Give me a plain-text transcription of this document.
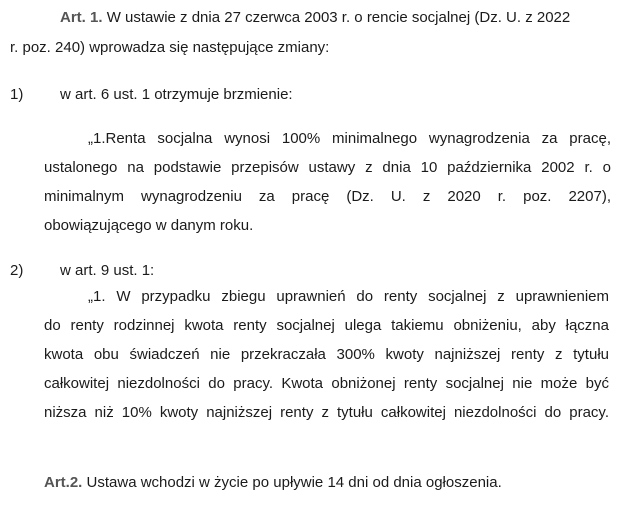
Art. 1. W ustawie z dnia 27 czerwca 2003 r. o rencie socjalnej (Dz. U. z 2022
r. poz. 240) wprowadza się następujące zmiany:
1) w art. 6 ust. 1 otrzymuje brzmienie:
„1.Renta socjalna wynosi 100% minimalnego wynagrodzenia za pracę,
ustalonego na podstawie przepisów ustawy z dnia 10 października 2002 r. o
minimalnym wynagrodzeniu za pracę (Dz. U. z 2020 r. poz. 2207),
obowiązującego w danym roku.
2) w art. 9 ust. 1:
„1. W przypadku zbiegu uprawnień do renty socjalnej z uprawnieniem
do renty rodzinnej kwota renty socjalnej ulega takiemu obniżeniu, aby łączna
kwota obu świadczeń nie przekraczała 300% kwoty najniższej renty z tytułu
całkowitej niezdolności do pracy. Kwota obniżonej renty socjalnej nie może być
niższa niż 10% kwoty najniższej renty z tytułu całkowitej niezdolności do pracy.
Art.2. Ustawa wchodzi w życie po upływie 14 dni od dnia ogłoszenia.
